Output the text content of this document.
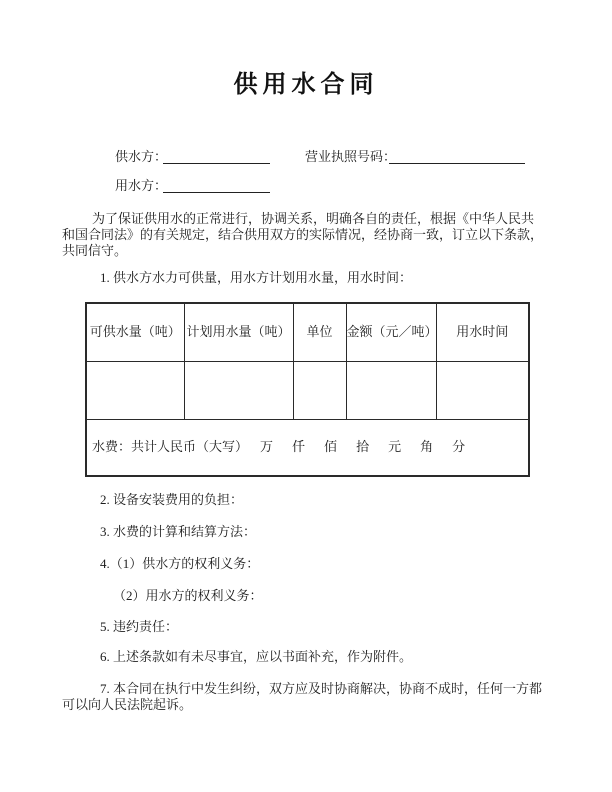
供用水合同
供水方：	营业执照号码：
用水方：

为了保证供用水的正常进行，协调关系，明确各自的责任，根据《中华人民共
和国合同法》的有关规定，结合供用双方的实际情况，经协商一致，订立以下条款，
共同信守。

1. 供水方水力可供量，用水方计划用水量，用水时间：

可供水量（吨）	计划用水量（吨）	单位	金额（元／吨）	用水时间

水费：共计人民币（大写） 万 仟 佰 拾 元 角 分				

2. 设备安装费用的负担：

3. 水费的计算和结算方法：

4.（1）供水方的权利义务：

（2）用水方的权利义务：

5. 违约责任：

6. 上述条款如有未尽事宜，应以书面补充，作为附件。

7. 本合同在执行中发生纠纷，双方应及时协商解决，协商不成时，任何一方都
可以向人民法院起诉。
